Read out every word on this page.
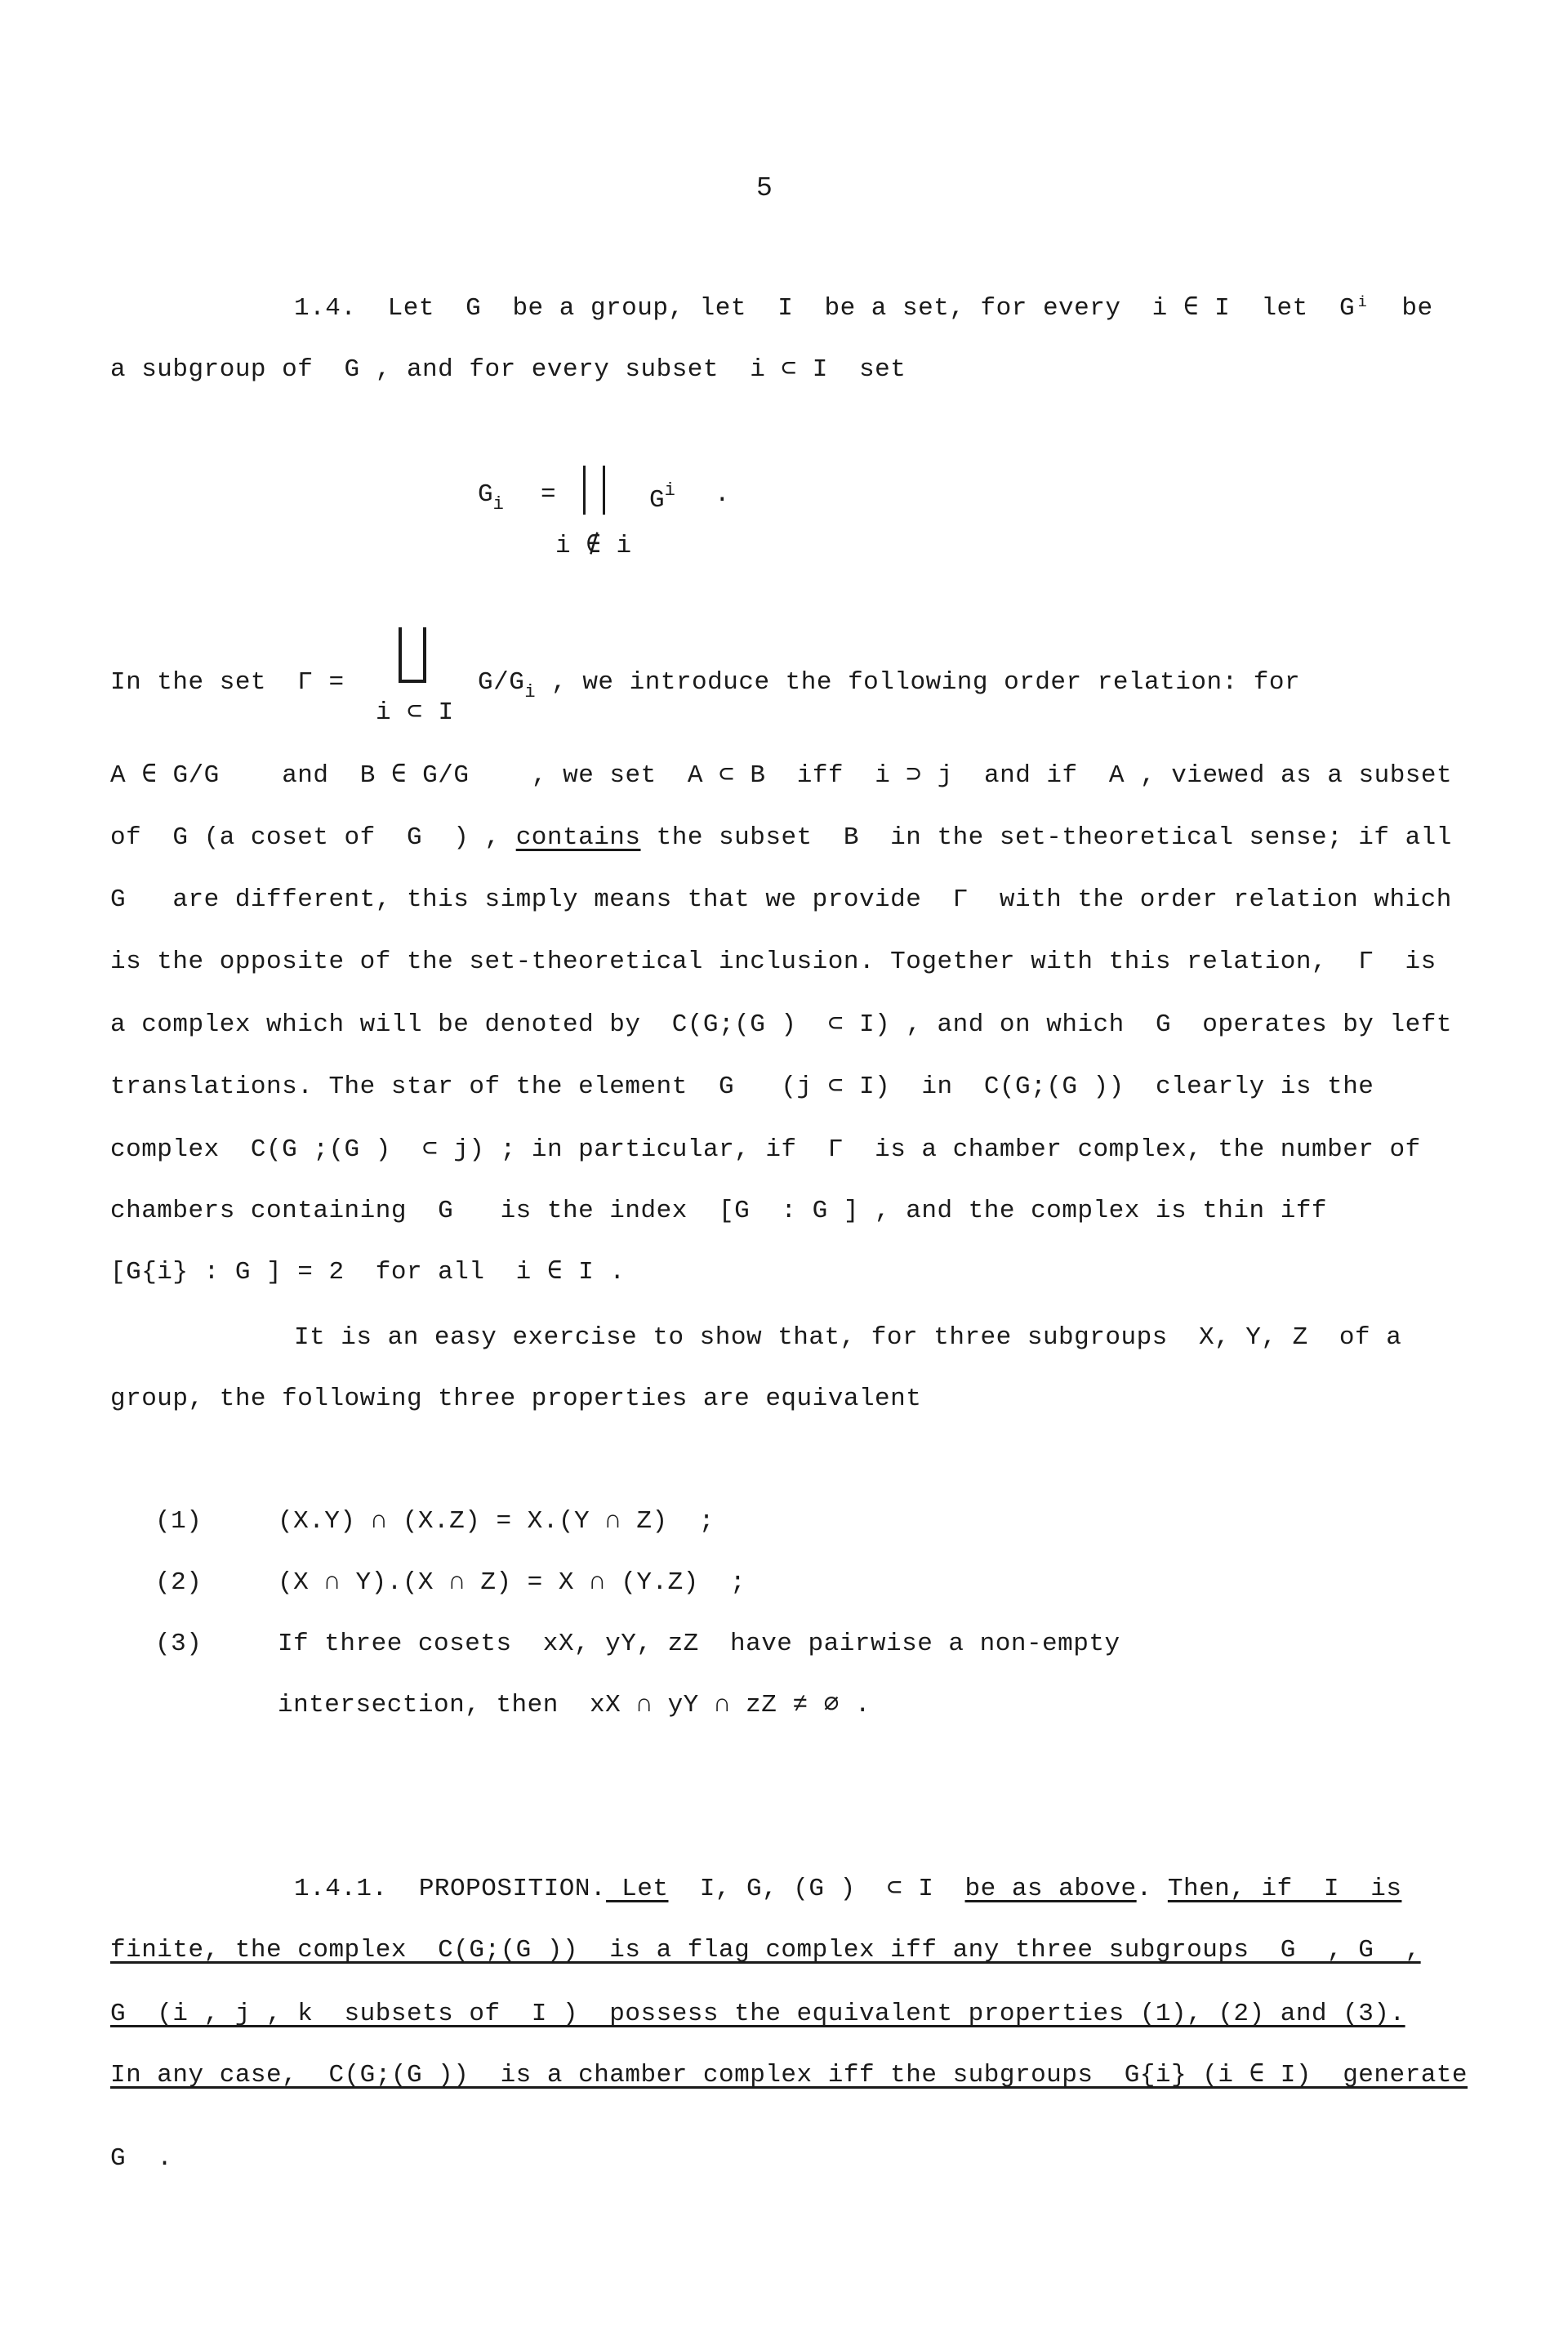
5
1.4.  Let  G  be a group, let  I  be a set, for every  i ∈ I  let  Gⁱ  be
a subgroup of  G , and for every subset  i ⊂ I  set
$G_i$ =	$G^i$ .
i ∉ i
In the set  Γ =
i ⊂ I
$G/G_i$ , we introduce the following order relation: for
A ∈ G/G    and  B ∈ G/G    , we set  A ⊂ B  iff  i ⊃ j  and if  A , viewed as a subset
of  G (a coset of  G  ) , contains the subset  B  in the set-theoretical sense; if all
G   are different, this simply means that we provide  Γ  with the order relation which
is the opposite of the set-theoretical inclusion. Together with this relation,  Γ  is
a complex which will be denoted by  C(G;(G )  ⊂ I) , and on which  G  operates by left
translations. The star of the element  G   (j ⊂ I)  in  C(G;(G ))  clearly is the
complex  C(G ;(G )  ⊂ j) ; in particular, if  Γ  is a chamber complex, the number of
chambers containing  G   is the index  [G  : G ] , and the complex is thin iff
[G{i} : G ] = 2  for all  i ∈ I .
It is an easy exercise to show that, for three subgroups  X, Y, Z  of a
group, the following three properties are equivalent
(1)	(X.Y) ∩ (X.Z) = X.(Y ∩ Z)  ;
(2)	(X ∩ Y).(X ∩ Z) = X ∩ (Y.Z)  ;
(3)	If three cosets  xX, yY, zZ  have pairwise a non-empty
intersection, then  xX ∩ yY ∩ zZ ≠ ∅ .
1.4.1.  PROPOSITION. Let  I, G, (G )  ⊂ I  be as above. Then, if  I  is
finite, the complex  C(G;(G ))  is a flag complex iff any three subgroups  G  , G  ,
G  (i , j , k  subsets of  I )  possess the equivalent properties (1), (2) and (3).
In any case,  C(G;(G ))  is a chamber complex iff the subgroups  G{i} (i ∈ I)  generate
G  .
